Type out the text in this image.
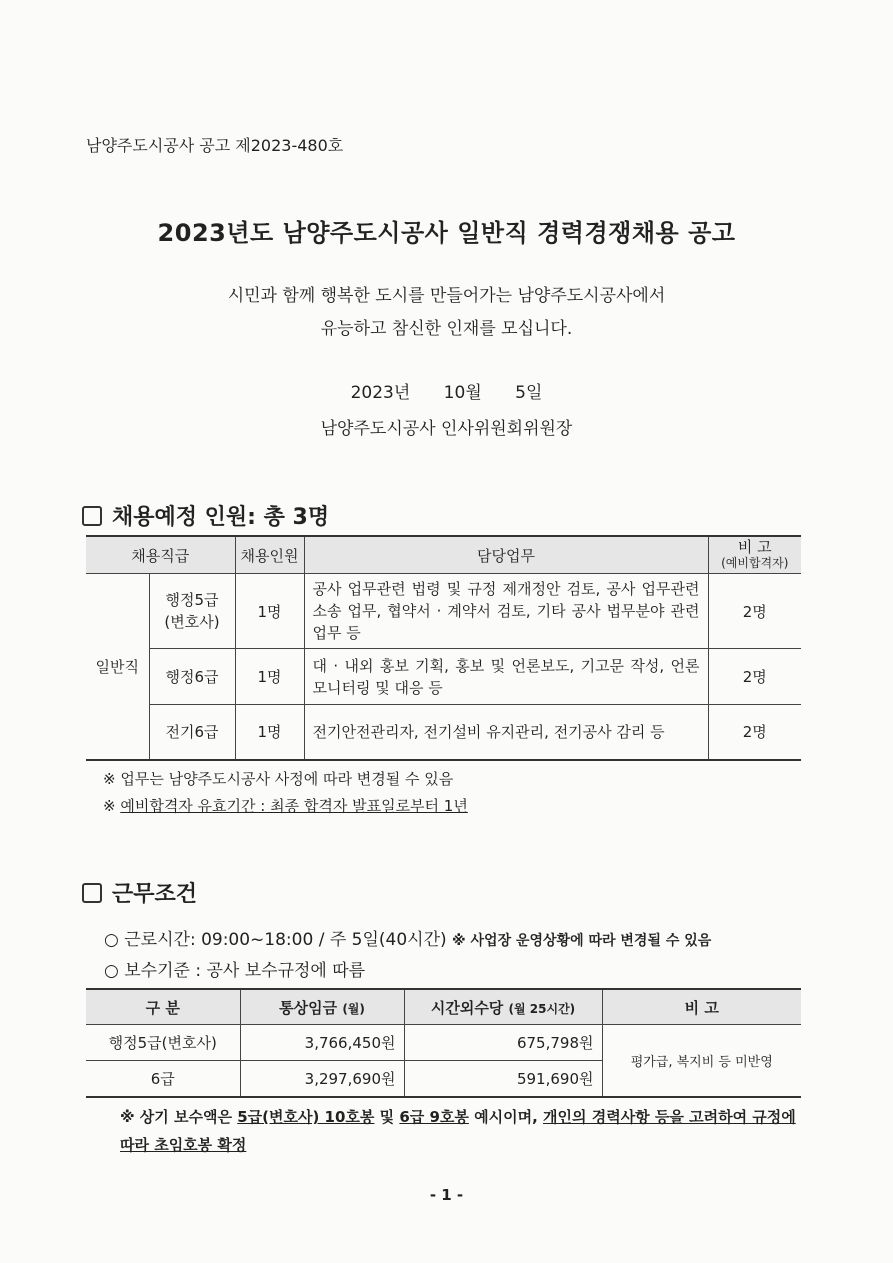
남양주도시공사 공고 제2023-480호
2023년도 남양주도시공사 일반직 경력경쟁채용 공고
시민과 함께 행복한 도시를 만들어가는 남양주도시공사에서
유능하고 참신한 인재를 모십니다.
2023년 10월 5일
남양주도시공사 인사위원회위원장
채용예정 인원: 총 3명
채용직급		채용인원	담당업무	비 고
(예비합격자)

일반직	행정5급 (변호사)	1명	공사 업무관련 법령 및 규정 제개정안 검토, 공사 업무관련 소송 업무, 협약서 · 계약서 검토, 기타 공사 법무분야 관련 업무 등	2명
	행정6급	1명	대 · 내외 홍보 기획, 홍보 및 언론보도, 기고문 작성, 언론 모니터링 및 대응 등	2명
	전기6급	1명	전기안전관리자, 전기설비 유지관리, 전기공사 감리 등	2명
※ 업무는 남양주도시공사 사정에 따라 변경될 수 있음
※ 예비합격자 유효기간 : 최종 합격자 발표일로부터 1년
근무조건
○ 근로시간: 09:00~18:00 / 주 5일(40시간) ※ 사업장 운영상황에 따라 변경될 수 있음
○ 보수기준 : 공사 보수규정에 따름
구 분	통상임금 (월)	시간외수당 (월 25시간)	비 고
행정5급(변호사)	3,766,450원	675,798원	평가급, 복지비 등 미반영
6급	3,297,690원	591,690원	
※ 상기 보수액은 5급(변호사) 10호봉 및 6급 9호봉 예시이며, 개인의 경력사항 등을 고려하여 규정에 따라 초임호봉 확정
- 1 -
